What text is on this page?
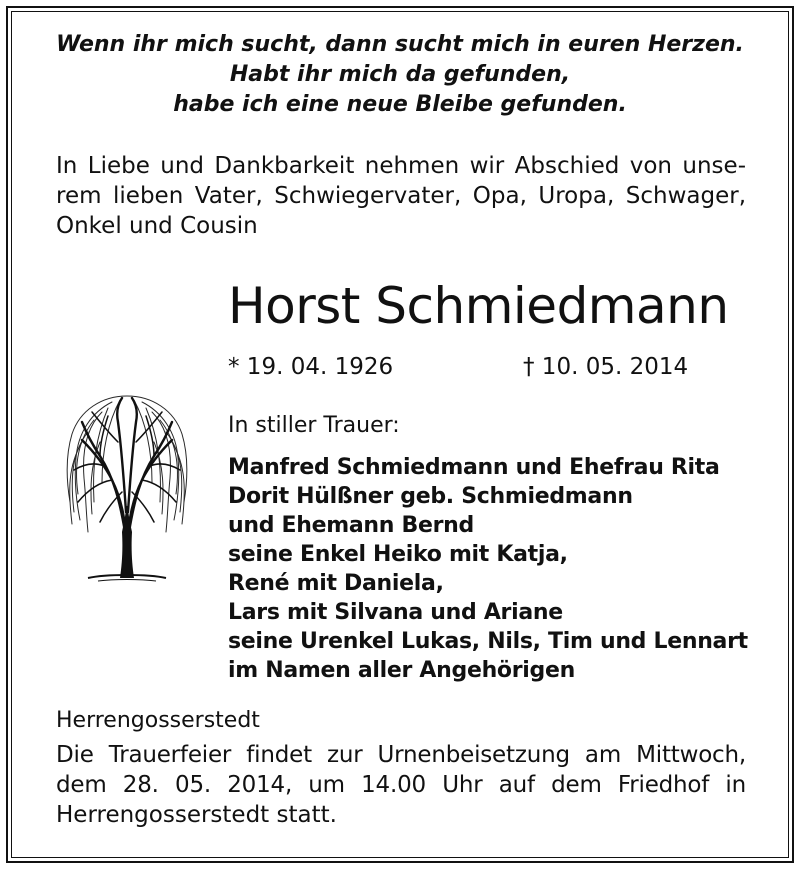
Wenn ihr mich sucht, dann sucht mich in euren Herzen.
Habt ihr mich da gefunden,
habe ich eine neue Bleibe gefunden.
In Liebe und Dankbarkeit nehmen wir Abschied von unse-
rem lieben Vater, Schwiegervater, Opa, Uropa, Schwager,
Onkel und Cousin
Horst Schmiedmann
* 19. 04. 1926	† 10. 05. 2014
In stiller Trauer:
Manfred Schmiedmann und Ehefrau Rita
Dorit Hülßner geb. Schmiedmann
und Ehemann Bernd
seine Enkel Heiko mit Katja,
René mit Daniela,
Lars mit Silvana und Ariane
seine Urenkel Lukas, Nils, Tim und Lennart
im Namen aller Angehörigen
Herrengosserstedt
Die Trauerfeier findet zur Urnenbeisetzung am Mittwoch,
dem 28. 05. 2014, um 14.00 Uhr auf dem Friedhof in
Herrengosserstedt statt.
